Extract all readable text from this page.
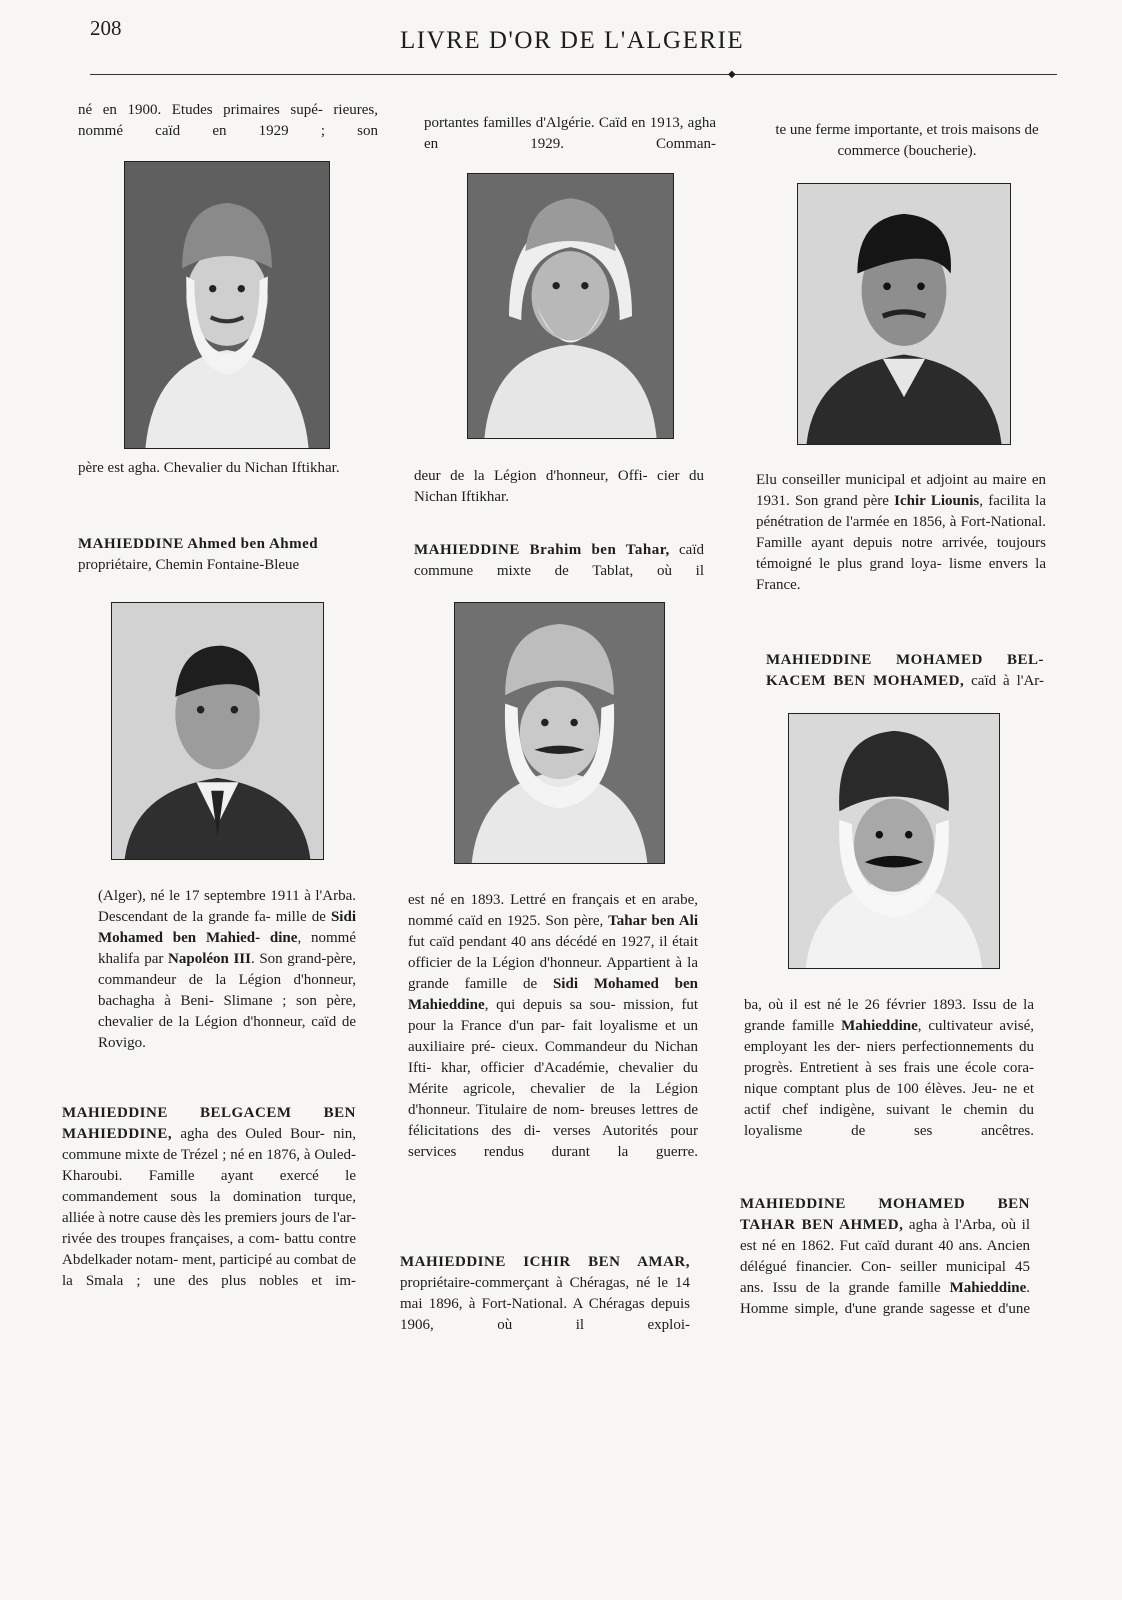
208	LIVRE D'OR DE L'ALGERIE
◆

né en 1900. Etudes primaires supé- rieures, nommé caïd en 1929 ; son

père est agha. Chevalier du Nichan Iftikhar.

MAHIEDDINE Ahmed ben Ahmed
propriétaire, Chemin Fontaine-Bleue

(Alger), né le 17 septembre 1911 à l'Arba. Descendant de la grande fa- mille de Sidi Mohamed ben Mahied- dine, nommé khalifa par Napoléon III. Son grand-père, commandeur de la Légion d'honneur, bachagha à Beni- Slimane ; son père, chevalier de la Légion d'honneur, caïd de Rovigo.

MAHIEDDINE BELGACEM BEN MAHIEDDINE, agha des Ouled Bour- nin, commune mixte de Trézel ; né en 1876, à Ouled-Kharoubi. Famille ayant exercé le commandement sous la domination turque, alliée à notre cause dès les premiers jours de l'ar- rivée des troupes françaises, a com- battu contre Abdelkader notam- ment, participé au combat de la Smala ; une des plus nobles et im-

portantes familles d'Algérie. Caïd en 1913, agha en 1929. Comman-

deur de la Légion d'honneur, Offi- cier du Nichan Iftikhar.

MAHIEDDINE Brahim ben Tahar, caïd commune mixte de Tablat, où il

est né en 1893. Lettré en français et en arabe, nommé caïd en 1925. Son père, Tahar ben Ali fut caïd pendant 40 ans décédé en 1927, il était officier de la Légion d'honneur. Appartient à la grande famille de Sidi Mohamed ben Mahieddine, qui depuis sa sou- mission, fut pour la France d'un par- fait loyalisme et un auxiliaire pré- cieux. Commandeur du Nichan Ifti- khar, officier d'Académie, chevalier du Mérite agricole, chevalier de la Légion d'honneur. Titulaire de nom- breuses lettres de félicitations des di- verses Autorités pour services rendus durant la guerre.

MAHIEDDINE ICHIR BEN AMAR, propriétaire-commerçant à Chéragas, né le 14 mai 1896, à Fort-National. A Chéragas depuis 1906, où il exploi-

te une ferme importante, et trois maisons de commerce (boucherie).

Elu conseiller municipal et adjoint au maire en 1931. Son grand père Ichir Liounis, facilita la pénétration de l'armée en 1856, à Fort-National. Famille ayant depuis notre arrivée, toujours témoigné le plus grand loya- lisme envers la France.

MAHIEDDINE MOHAMED BEL- KACEM BEN MOHAMED, caïd à l'Ar-

ba, où il est né le 26 février 1893. Issu de la grande famille Mahieddine, cultivateur avisé, employant les der- niers perfectionnements du progrès. Entretient à ses frais une école cora- nique comptant plus de 100 élèves. Jeu- ne et actif chef indigène, suivant le chemin du loyalisme de ses ancêtres.

MAHIEDDINE MOHAMED BEN TAHAR BEN AHMED, agha à l'Arba, où il est né en 1862. Fut caïd durant 40 ans. Ancien délégué financier. Con- seiller municipal 45 ans. Issu de la grande famille Mahieddine. Homme simple, d'une grande sagesse et d'une
